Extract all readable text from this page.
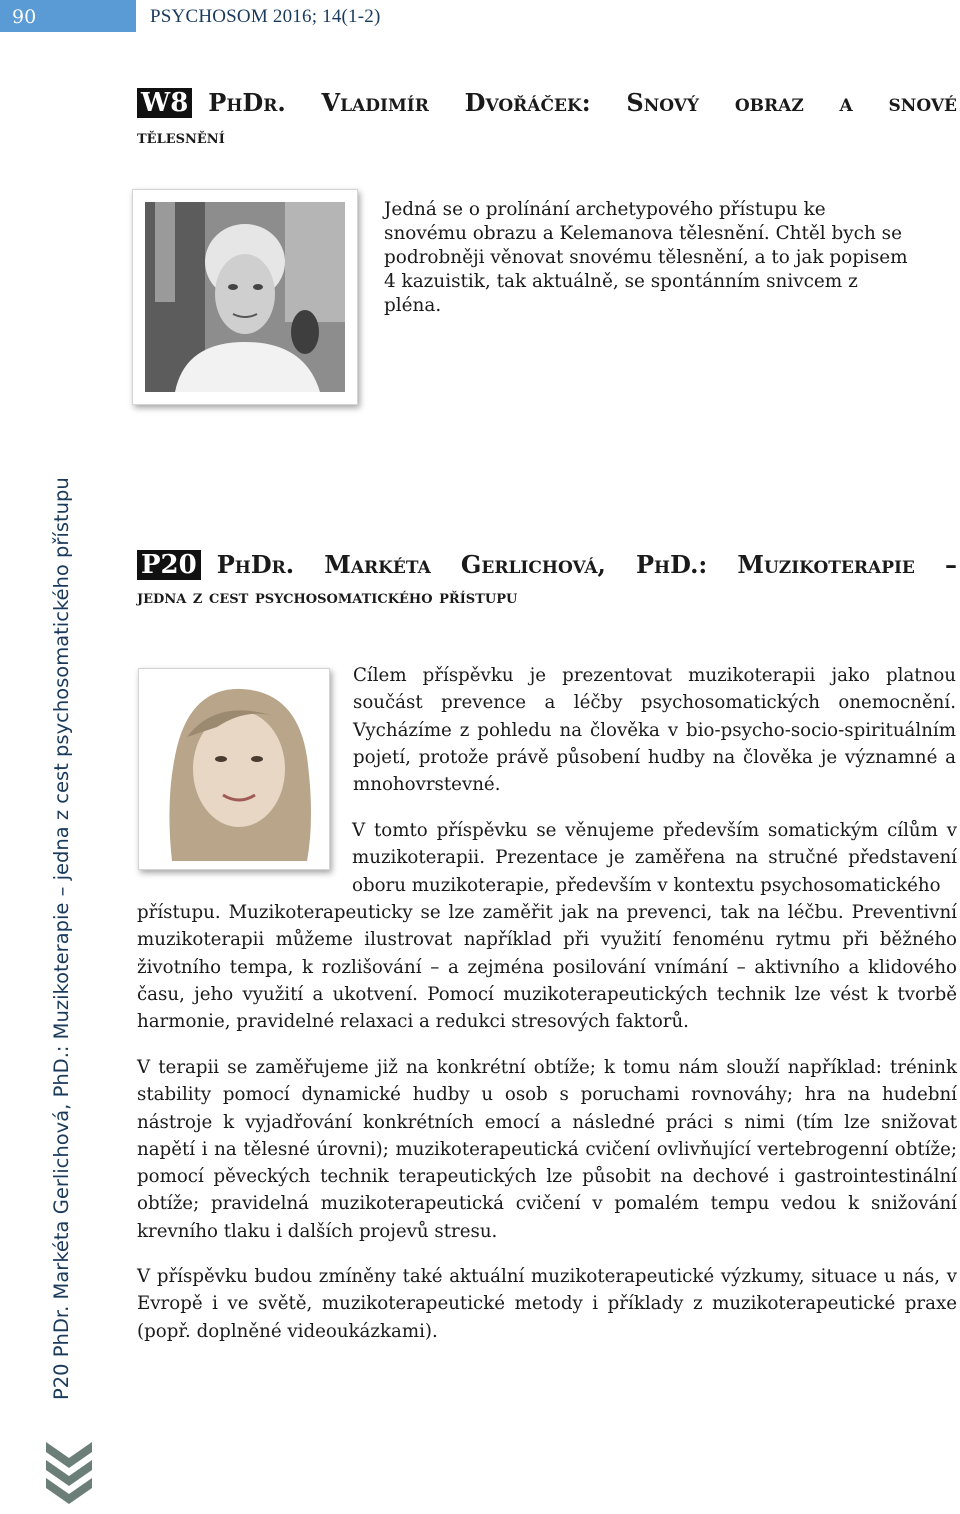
90	PSYCHOSOM 2016; 14(1-2)
W8 PhDr. Vladimír Dvořáček: Snový obraz a snové
tělesnění
Jedná se o prolínání archetypového přístupu ke snovému obrazu a Kelemanova tělesnění. Chtěl bych se podrobněji věnovat snovému tělesnění, a to jak popisem 4 kazuistik, tak aktuálně, se spontánním snivcem z pléna.
P20 PhDr. Markéta Gerlichová, PhD.: Muzikoterapie –
jedna z cest psychosomatického přístupu
Cílem příspěvku je prezentovat muzikoterapii jako platnou součást prevence a léčby psychosomatických onemocnění. Vycházíme z pohledu na člověka v bio-psycho-socio-spirituálním pojetí, protože právě působení hudby na člověka je významné a mnohovrstevné.
V tomto příspěvku se věnujeme především somatickým cílům v muzikoterapii. Prezentace je zaměřena na stručné představení oboru muzikoterapie, především v kontextu psychosomatického
přístupu. Muzikoterapeuticky se lze zaměřit jak na prevenci, tak na léčbu. Preventivní muzikoterapii můžeme ilustrovat například při využití fenoménu rytmu při běžného životního tempa, k rozlišování – a zejména posilování vnímání – aktivního a klidového času, jeho využití a ukotvení. Pomocí muzikoterapeutických technik lze vést k tvorbě harmonie, pravidelné relaxaci a redukci stresových faktorů.
V terapii se zaměřujeme již na konkrétní obtíže; k tomu nám slouží například: trénink stability pomocí dynamické hudby u osob s poruchami rovnováhy; hra na hudební nástroje k vyjadřování konkrétních emocí a následné práci s nimi (tím lze snižovat napětí i na tělesné úrovni); muzikoterapeutická cvičení ovlivňující vertebrogenní obtíže; pomocí pěveckých technik terapeutických lze působit na dechové i gastrointestinální obtíže; pravidelná muzikoterapeutická cvičení v pomalém tempu vedou k snižování krevního tlaku i dalších projevů stresu.
V příspěvku budou zmíněny také aktuální muzikoterapeutické výzkumy, situace u nás, v Evropě i ve světě, muzikoterapeutické metody i příklady z muzikoterapeutické praxe (popř. doplněné videoukázkami).
P20 PhDr. Markéta Gerlichová, PhD.: Muzikoterapie – jedna z cest psychosomatického přístupu
